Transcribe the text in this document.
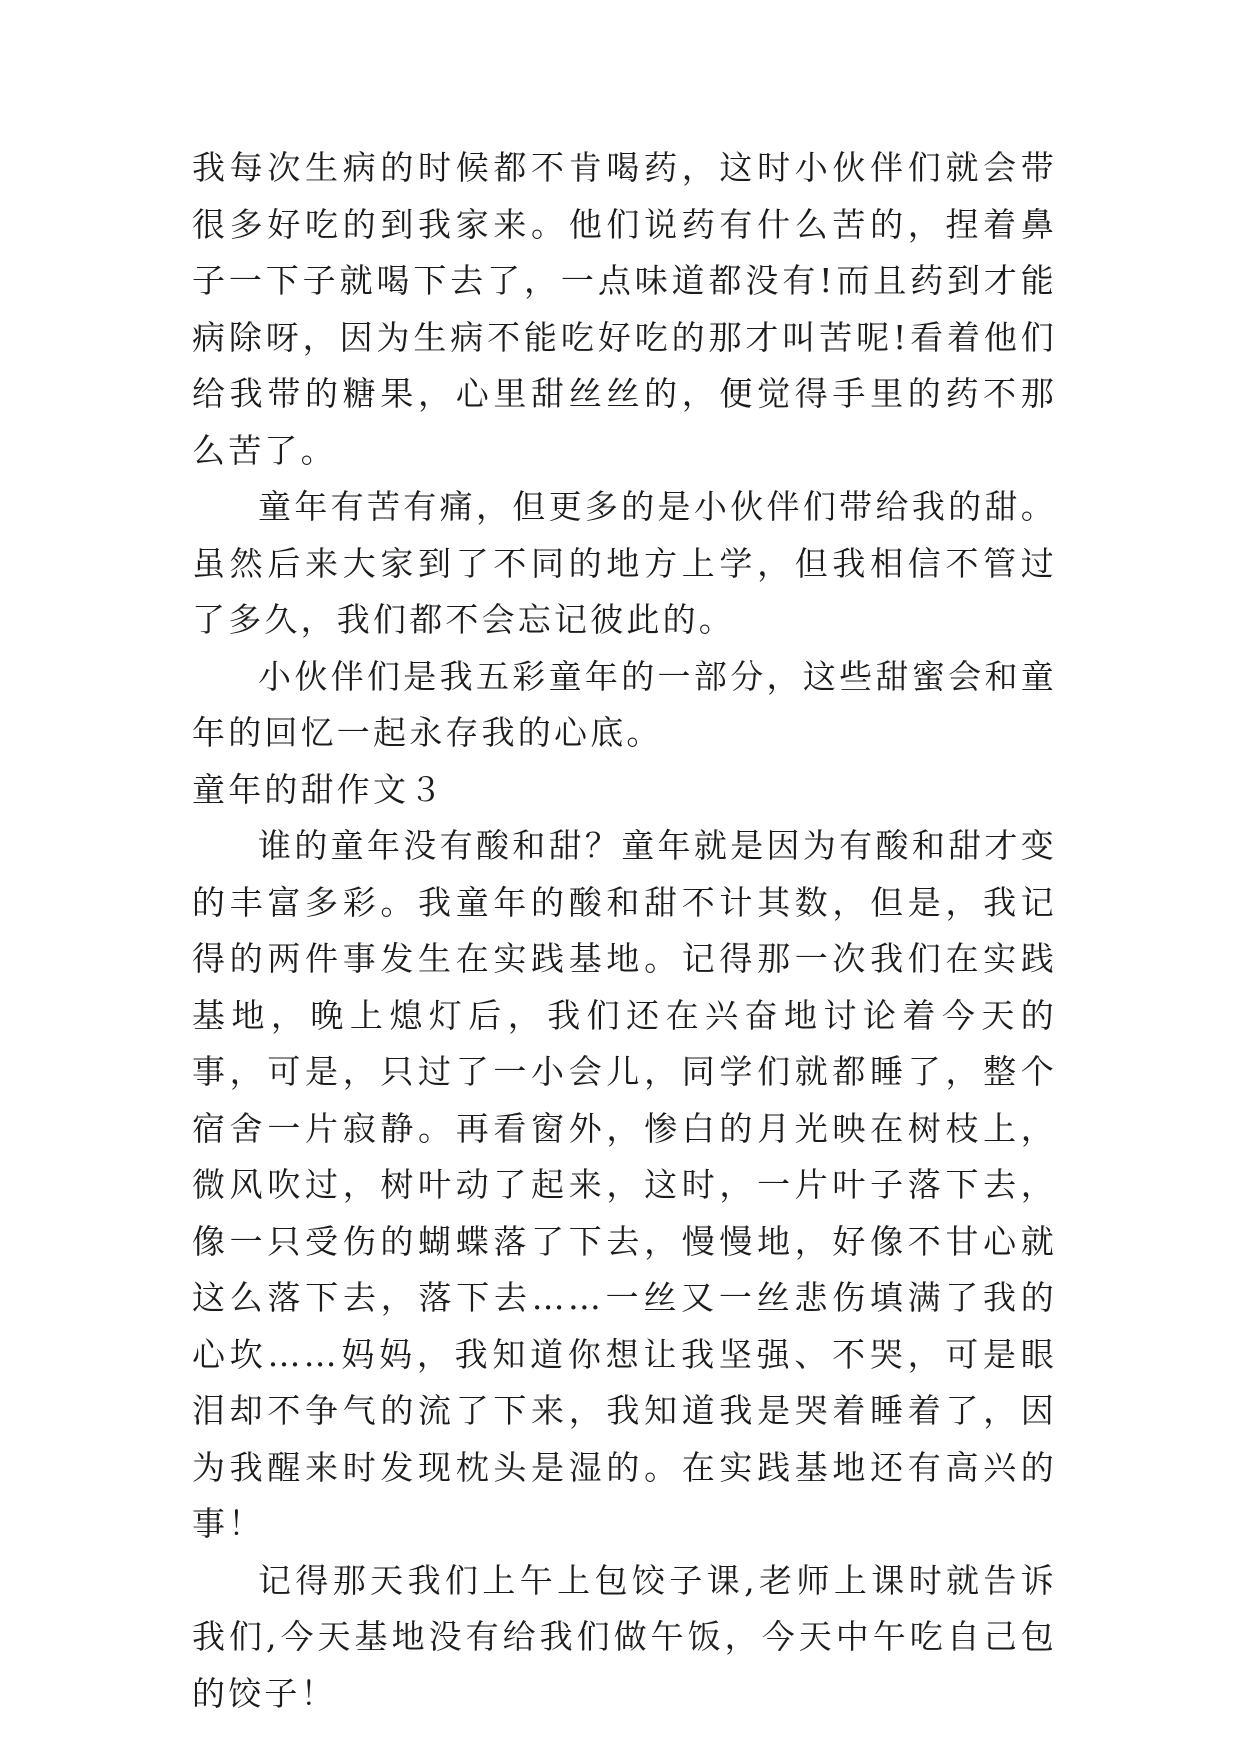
我每次生病的时候都不肯喝药，这时小伙伴们就会带很多好吃的到我家来。他们说药有什么苦的，捏着鼻子一下子就喝下去了，一点味道都没有!而且药到才能病除呀，因为生病不能吃好吃的那才叫苦呢!看着他们给我带的糖果，心里甜丝丝的，便觉得手里的药不那么苦了。

童年有苦有痛，但更多的是小伙伴们带给我的甜。虽然后来大家到了不同的地方上学，但我相信不管过了多久，我们都不会忘记彼此的。

小伙伴们是我五彩童年的一部分，这些甜蜜会和童年的回忆一起永存我的心底。

童年的甜作文３

谁的童年没有酸和甜？童年就是因为有酸和甜才变的丰富多彩。我童年的酸和甜不计其数，但是，我记得的两件事发生在实践基地。记得那一次我们在实践基地，晚上熄灯后，我们还在兴奋地讨论着今天的事，可是，只过了一小会儿，同学们就都睡了，整个宿舍一片寂静。再看窗外，惨白的月光映在树枝上，微风吹过，树叶动了起来，这时，一片叶子落下去，像一只受伤的蝴蝶落了下去，慢慢地，好像不甘心就这么落下去，落下去……一丝又一丝悲伤填满了我的心坎……妈妈，我知道你想让我坚强、不哭，可是眼泪却不争气的流了下来，我知道我是哭着睡着了，因为我醒来时发现枕头是湿的。在实践基地还有高兴的事！

记得那天我们上午上包饺子课,老师上课时就告诉我们,今天基地没有给我们做午饭，今天中午吃自己包的饺子！
